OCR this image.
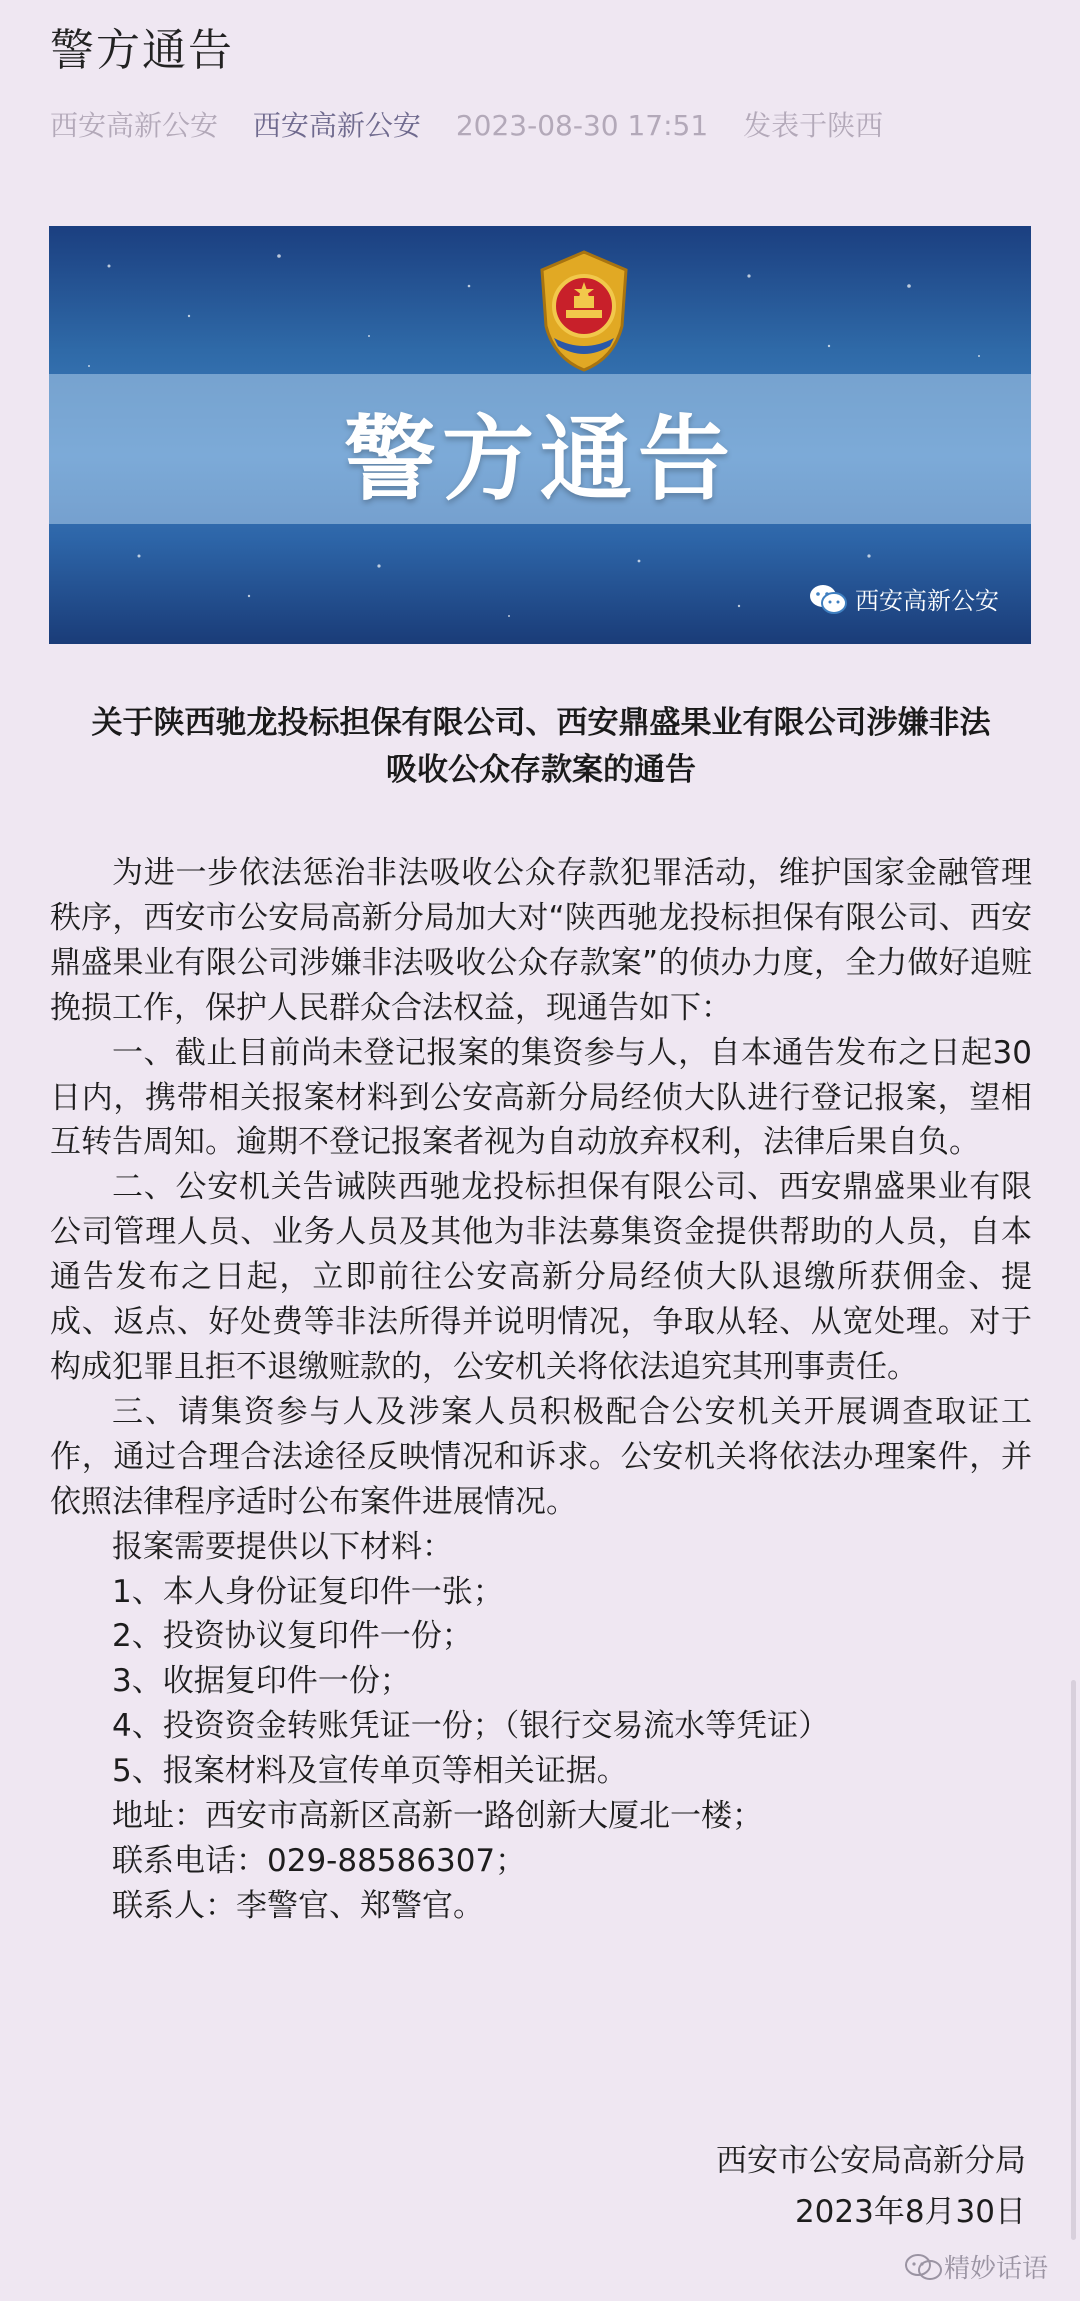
警方通告
西安高新公安 西安高新公安 2023-08-30 17:51 发表于陕西
警方通告
西安高新公安
关于陕西驰龙投标担保有限公司、西安鼎盛果业有限公司涉嫌非法
吸收公众存款案的通告

为进一步依法惩治非法吸收公众存款犯罪活动，维护国家金融管理秩序，西安市公安局高新分局加大对“陕西驰龙投标担保有限公司、西安鼎盛果业有限公司涉嫌非法吸收公众存款案”的侦办力度，全力做好追赃挽损工作，保护人民群众合法权益，现通告如下：

一、截止目前尚未登记报案的集资参与人，自本通告发布之日起30日内，携带相关报案材料到公安高新分局经侦大队进行登记报案，望相互转告周知。逾期不登记报案者视为自动放弃权利，法律后果自负。

二、公安机关告诫陕西驰龙投标担保有限公司、西安鼎盛果业有限公司管理人员、业务人员及其他为非法募集资金提供帮助的人员，自本通告发布之日起，立即前往公安高新分局经侦大队退缴所获佣金、提成、返点、好处费等非法所得并说明情况，争取从轻、从宽处理。对于构成犯罪且拒不退缴赃款的，公安机关将依法追究其刑事责任。

三、请集资参与人及涉案人员积极配合公安机关开展调查取证工作，通过合理合法途径反映情况和诉求。公安机关将依法办理案件，并依照法律程序适时公布案件进展情况。

报案需要提供以下材料：
1、本人身份证复印件一张；
2、投资协议复印件一份；
3、收据复印件一份；
4、投资资金转账凭证一份；（银行交易流水等凭证）
5、报案材料及宣传单页等相关证据。
地址：西安市高新区高新一路创新大厦北一楼；
联系电话：029-88586307；
联系人：李警官、郑警官。
西安市公安局高新分局
2023年8月30日
精妙话语
